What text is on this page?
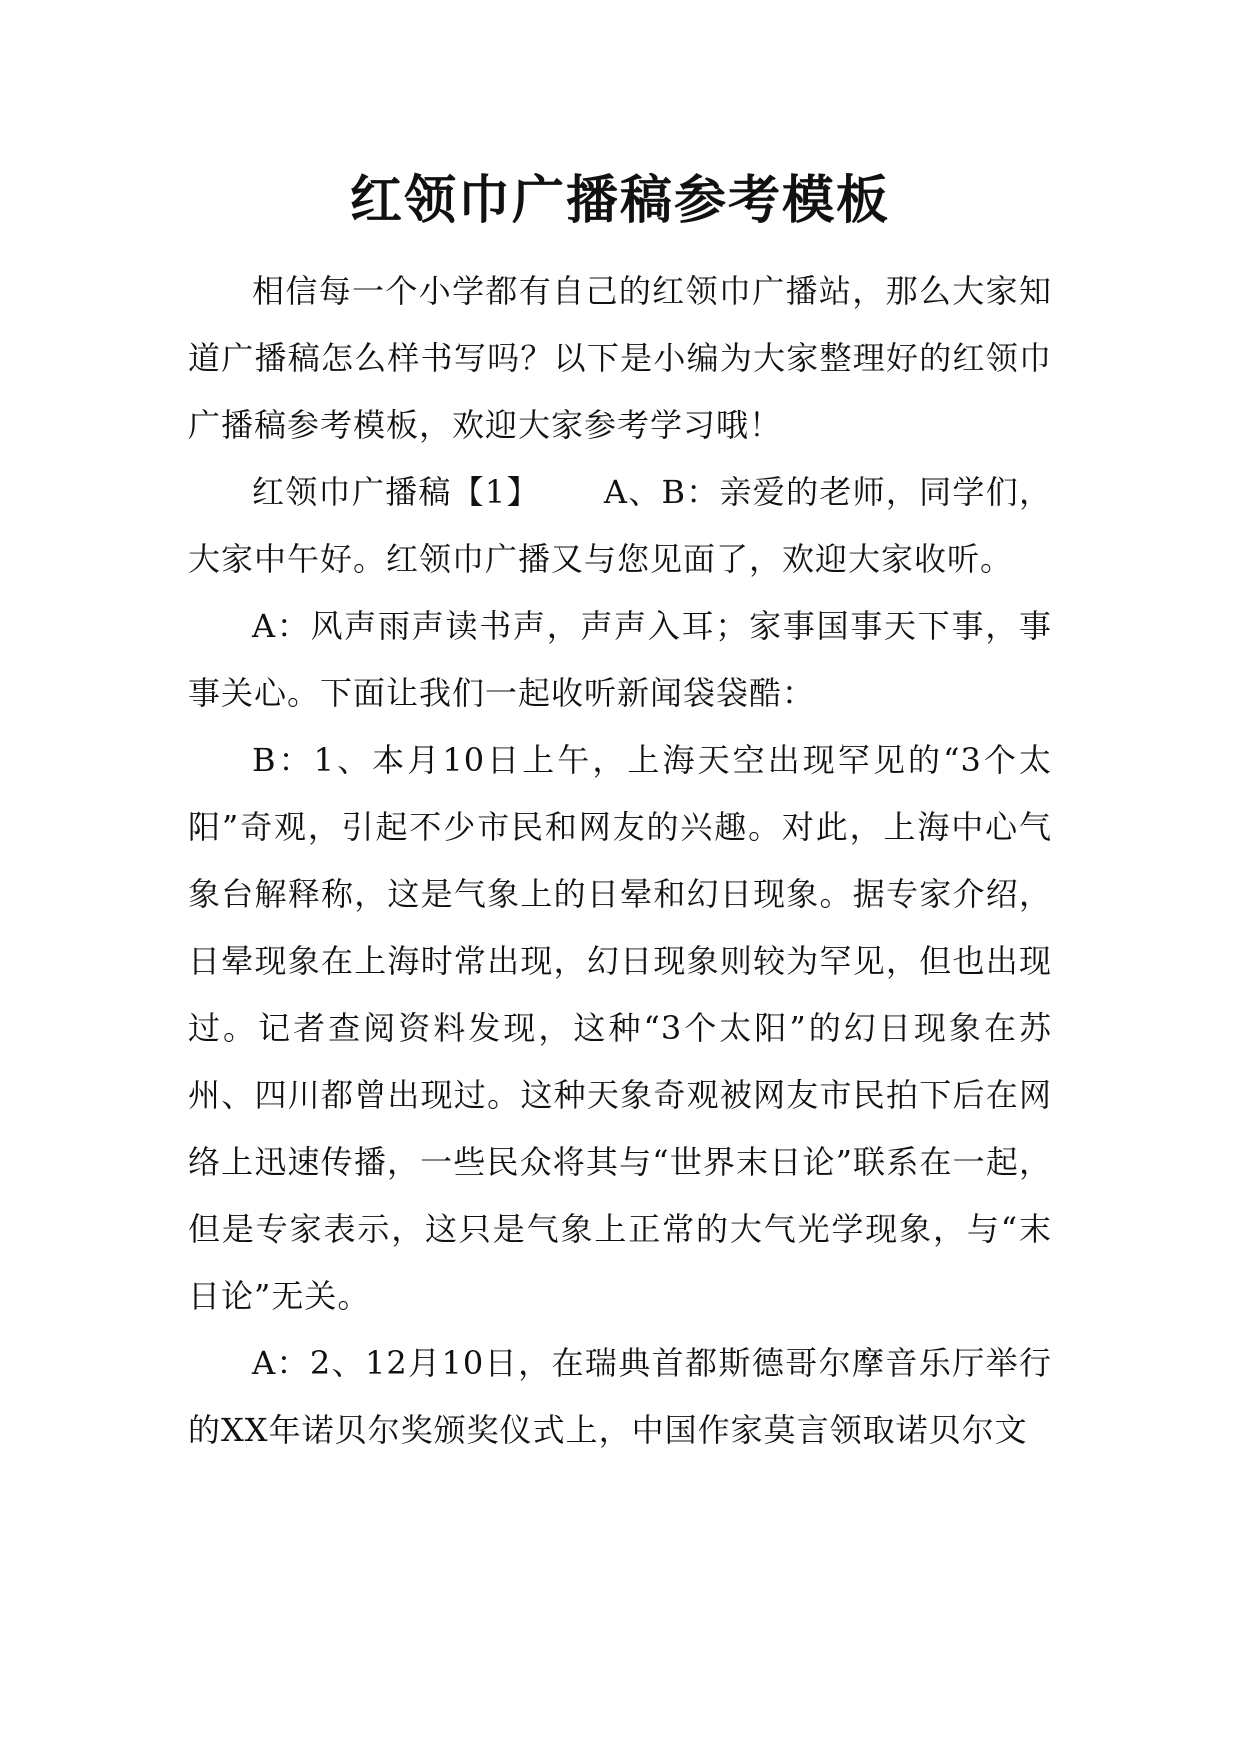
红领巾广播稿参考模板

相信每一个小学都有自己的红领巾广播站，那么大家知道广播稿怎么样书写吗？以下是小编为大家整理好的红领巾广播稿参考模板，欢迎大家参考学习哦！

红领巾广播稿【1】 A、B：亲爱的老师，同学们，大家中午好。红领巾广播又与您见面了，欢迎大家收听。

A：风声雨声读书声，声声入耳；家事国事天下事，事事关心。下面让我们一起收听新闻袋袋酷：

B：1、本月10日上午，上海天空出现罕见的“3个太阳”奇观，引起不少市民和网友的兴趣。对此，上海中心气象台解释称，这是气象上的日晕和幻日现象。据专家介绍，日晕现象在上海时常出现，幻日现象则较为罕见，但也出现过。记者查阅资料发现，这种“3个太阳”的幻日现象在苏州、四川都曾出现过。这种天象奇观被网友市民拍下后在网络上迅速传播，一些民众将其与“世界末日论”联系在一起，但是专家表示，这只是气象上正常的大气光学现象，与“末日论”无关。

A：2、12月10日，在瑞典首都斯德哥尔摩音乐厅举行的XX年诺贝尔奖颁奖仪式上，中国作家莫言领取诺贝尔文
